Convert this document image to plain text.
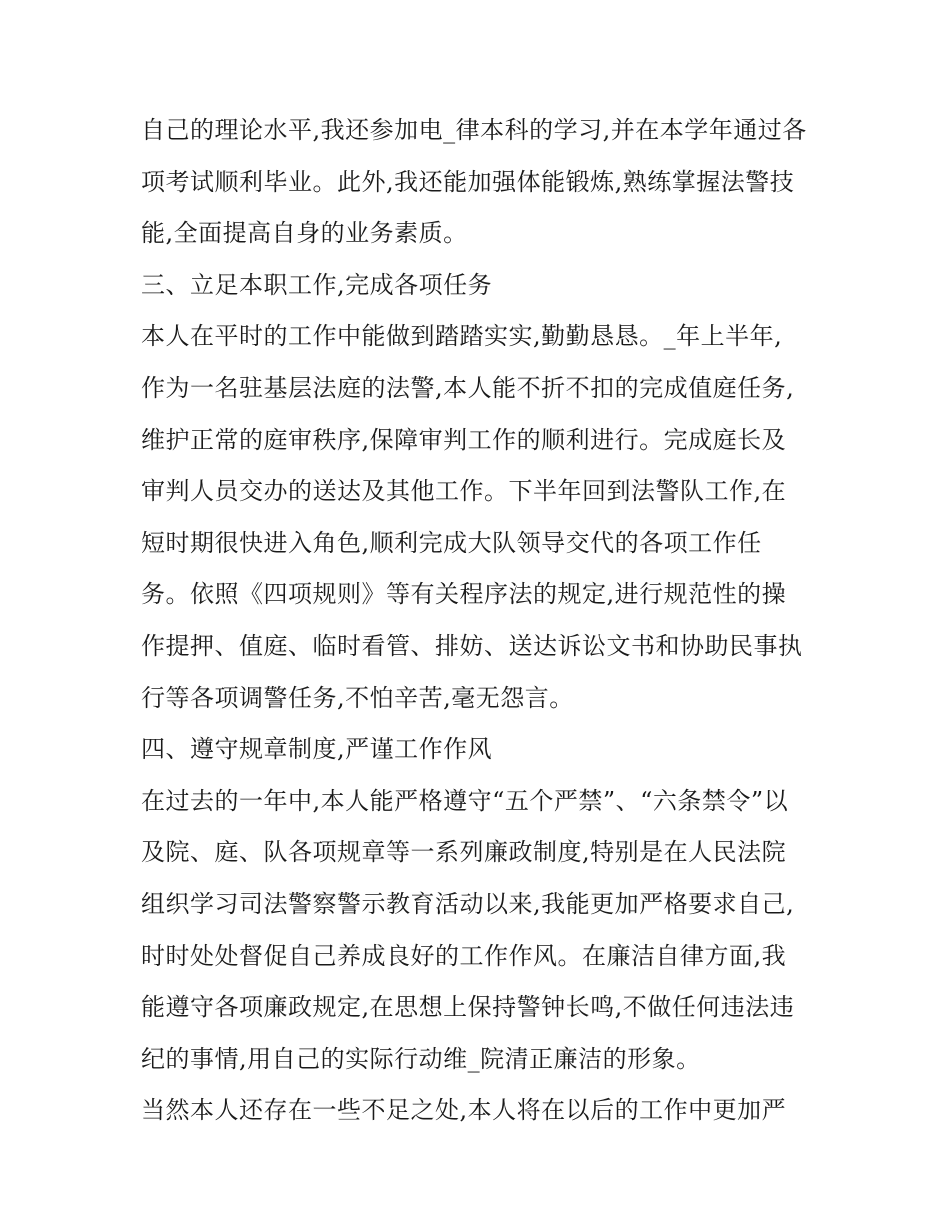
自己的理论水平,我还参加电_律本科的学习,并在本学年通过各
项考试顺利毕业。此外,我还能加强体能锻炼,熟练掌握法警技
能,全面提高自身的业务素质。
三、立足本职工作,完成各项任务
本人在平时的工作中能做到踏踏实实,勤勤恳恳。_年上半年,
作为一名驻基层法庭的法警,本人能不折不扣的完成值庭任务,
维护正常的庭审秩序,保障审判工作的顺利进行。完成庭长及
审判人员交办的送达及其他工作。下半年回到法警队工作,在
短时期很快进入角色,顺利完成大队领导交代的各项工作任
务。依照《四项规则》等有关程序法的规定,进行规范性的操
作提押、值庭、临时看管、排妨、送达诉讼文书和协助民事执
行等各项调警任务,不怕辛苦,毫无怨言。
四、遵守规章制度,严谨工作作风
在过去的一年中,本人能严格遵守“五个严禁”、“六条禁令”以
及院、庭、队各项规章等一系列廉政制度,特别是在人民法院
组织学习司法警察警示教育活动以来,我能更加严格要求自己,
时时处处督促自己养成良好的工作作风。在廉洁自律方面,我
能遵守各项廉政规定,在思想上保持警钟长鸣,不做任何违法违
纪的事情,用自己的实际行动维_院清正廉洁的形象。
当然本人还存在一些不足之处,本人将在以后的工作中更加严
